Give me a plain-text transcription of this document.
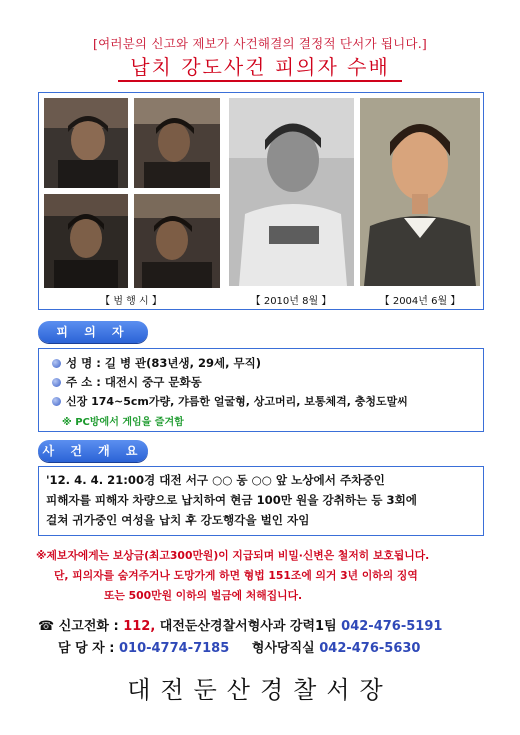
[여러분의 신고와 제보가 사건해결의 결정적 단서가 됩니다.]
납치 강도사건 피의자 수배
【 범 행 시 】	【 2010년 8월 】	【 2004년 6월 】
피 의 자
성 명 : 길 병 관(83년생, 29세, 무직)
주 소 : 대전시 중구 문화동
신장 174~5cm가량, 갸름한 얼굴형, 상고머리, 보통체격, 충청도말씨
※ PC방에서 게임을 즐겨함
사 건 개 요
'12. 4. 4. 21:00경 대전 서구 ○○ 동 ○○ 앞 노상에서 주차중인
피해자를 피해자 차량으로 납치하여 현금 100만 원을 강취하는 등 3회에
걸쳐 귀가중인 여성을 납치 후 강도행각을 벌인 자임
※제보자에게는 보상금(최고300만원)이 지급되며 비밀·신변은 철저히 보호됩니다.
단, 피의자를 숨겨주거나 도망가게 하면 형법 151조에 의거 3년 이하의 징역
또는 500만원 이하의 벌금에 처해집니다.
☎ 신고전화 : 112, 대전둔산경찰서형사과 강력1팀 042-476-5191
담 당 자 : 010-4774-7185     형사당직실 042-476-5630
대전둔산경찰서장
